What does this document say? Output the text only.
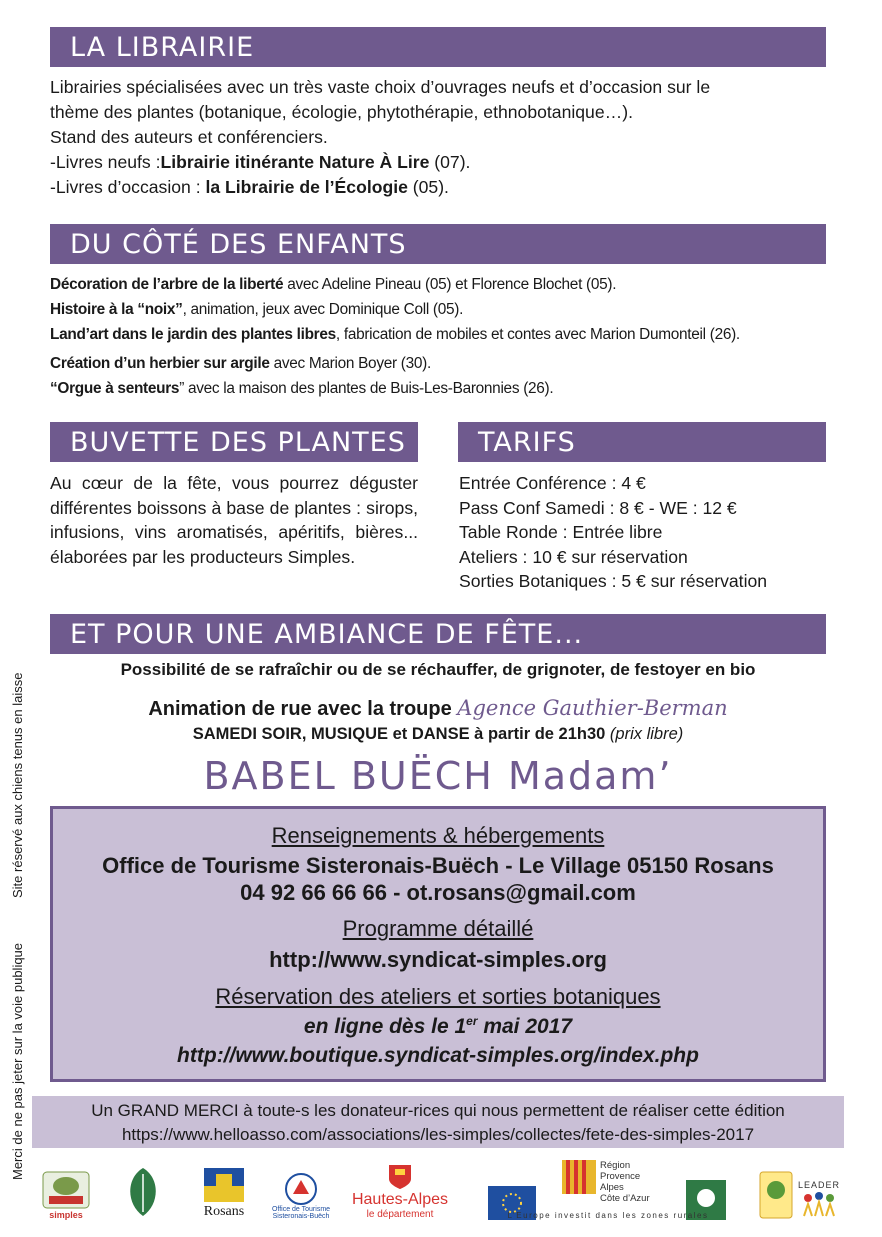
LA LIBRAIRIE
Librairies spécialisées avec un très vaste choix d’ouvrages neufs et d’occasion sur le
thème des plantes (botanique, écologie, phytothérapie, ethnobotanique…).
Stand des auteurs et conférenciers.
-Livres neufs :Librairie itinérante Nature À Lire (07).
-Livres d’occasion : la Librairie de l’Écologie (05).
DU CÔTÉ DES ENFANTS
Décoration de l’arbre de la liberté avec Adeline Pineau (05) et Florence Blochet (05).
Histoire à la “noix”, animation, jeux avec Dominique Coll (05).
Land’art dans le jardin des plantes libres, fabrication de mobiles et contes avec Marion Dumonteil (26).
Création d’un herbier sur argile avec Marion Boyer (30).
“Orgue à senteurs” avec la maison des plantes de Buis-Les-Baronnies (26).
BUVETTE DES PLANTES
Au cœur de la fête, vous pourrez déguster différentes boissons à base de plantes : sirops, infusions, vins aromatisés, apéritifs, bières... élaborées par les producteurs Simples.
TARIFS
Entrée Conférence : 4 €
Pass Conf Samedi : 8 € - WE : 12 €
Table Ronde : Entrée libre
Ateliers : 10 € sur réservation
Sorties Botaniques : 5 € sur réservation
ET POUR UNE AMBIANCE DE FÊTE...
Possibilité de se rafraîchir ou de se réchauffer, de grignoter, de festoyer en bio
Animation de rue avec la troupe Agence Gauthier-Berman
SAMEDI SOIR, MUSIQUE et DANSE à partir de 21h30 (prix libre)
BABEL BUËCH Madam’
Site réservé aux chiens tenus en laisse
Merci de ne pas jeter sur la voie publique
Renseignements & hébergements
Office de Tourisme Sisteronais-Buëch - Le Village 05150 Rosans
04 92 66 66 66 - ot.rosans@gmail.com
Programme détaillé
http://www.syndicat-simples.org
Réservation des ateliers et sorties botaniques
en ligne dès le 1er mai 2017
http://www.boutique.syndicat-simples.org/index.php
Un GRAND MERCI à toute-s les donateur-rices qui nous permettent de réaliser cette édition
https://www.helloasso.com/associations/les-simples/collectes/fete-des-simples-2017
simples	Rosans	Office de Tourisme Sisteronais-Buëch
Hautes-Alpes
le département
Région
Provence
Alpes
Côte d’Azur
L’Europe investit dans les zones rurales
LEADER
